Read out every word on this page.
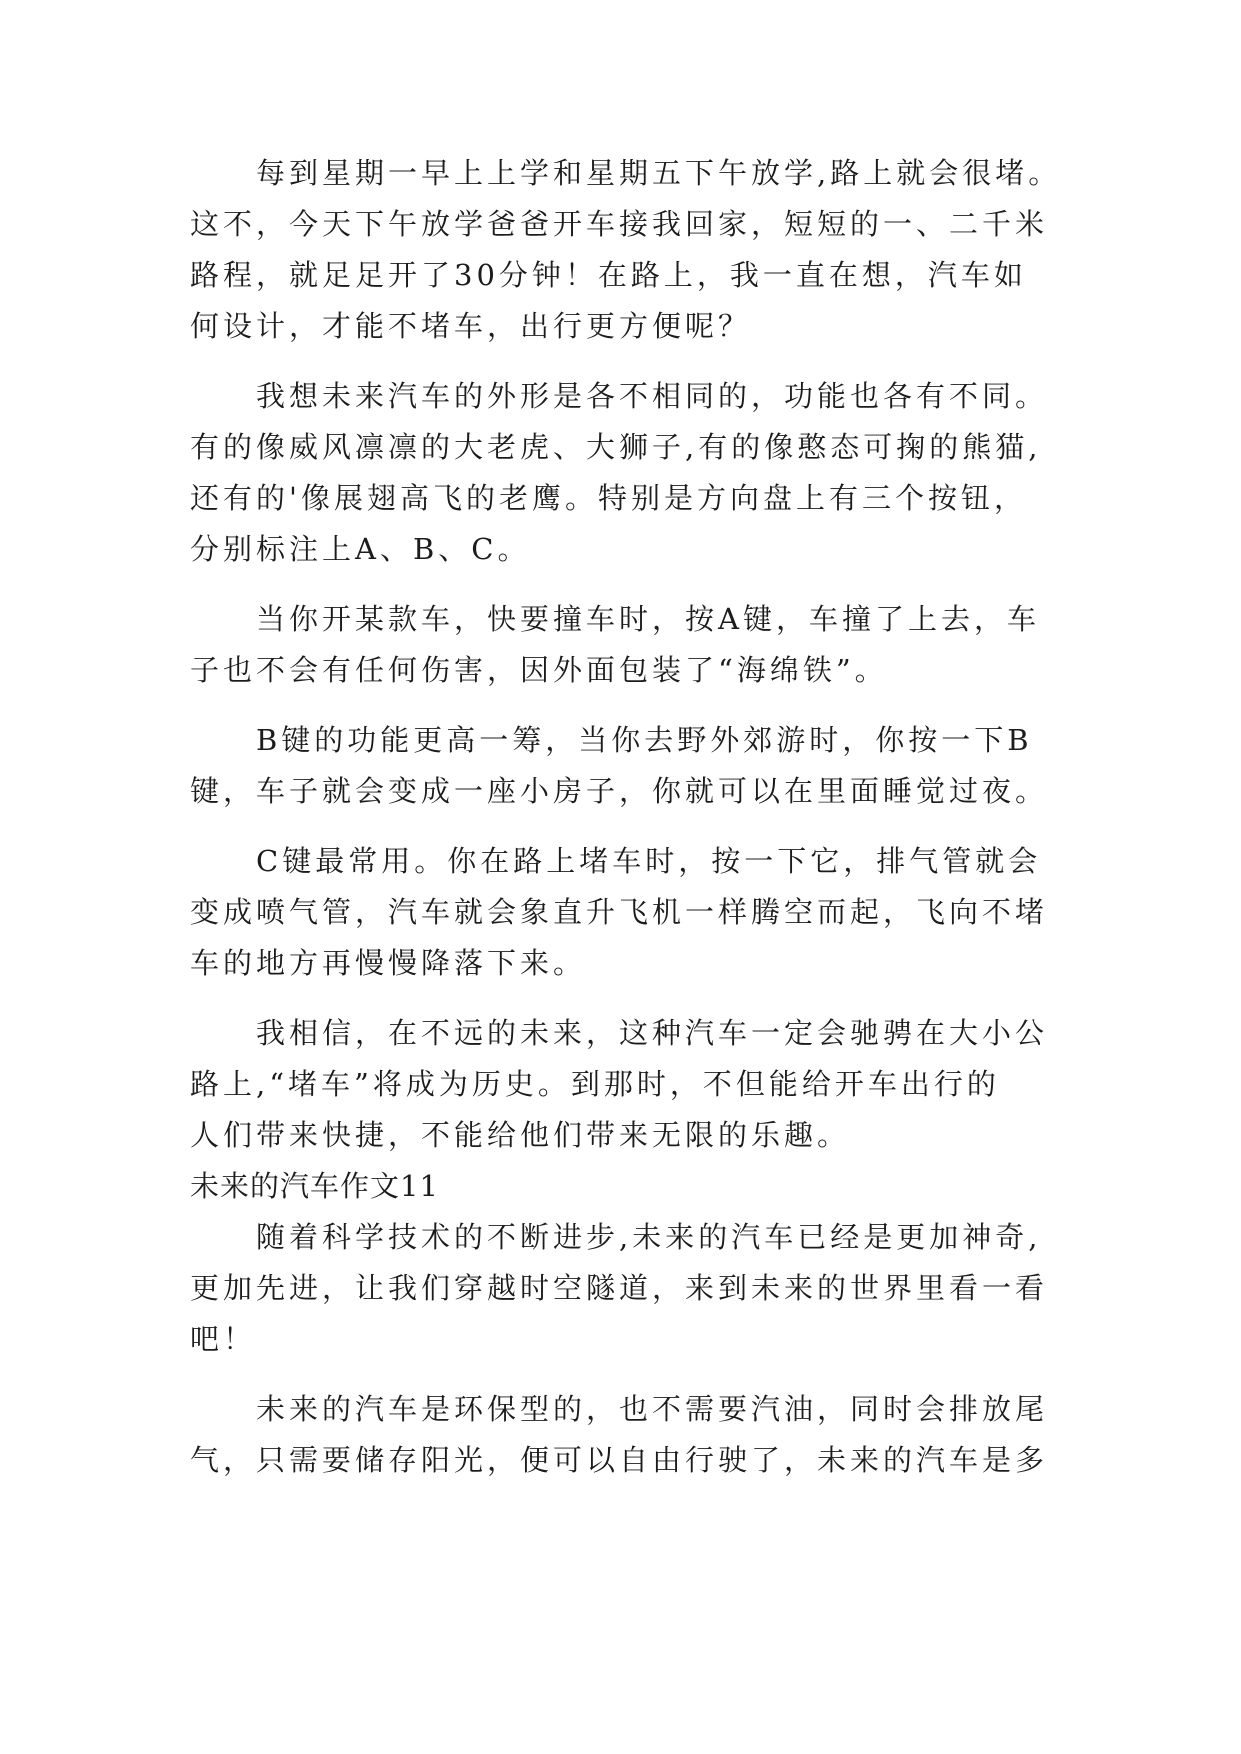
每到星期一早上上学和星期五下午放学,路上就会很堵。
这不，今天下午放学爸爸开车接我回家，短短的一、二千米
路程，就足足开了30分钟！在路上，我一直在想，汽车如
何设计，才能不堵车，出行更方便呢？
我想未来汽车的外形是各不相同的，功能也各有不同。
有的像威风凛凛的大老虎、大狮子,有的像憨态可掬的熊猫,
还有的'像展翅高飞的老鹰。特别是方向盘上有三个按钮，
分别标注上A、B、C。
当你开某款车，快要撞车时，按A键，车撞了上去，车
子也不会有任何伤害，因外面包装了“海绵铁”。
B键的功能更高一筹，当你去野外郊游时，你按一下B
键，车子就会变成一座小房子，你就可以在里面睡觉过夜。
C键最常用。你在路上堵车时，按一下它，排气管就会
变成喷气管，汽车就会象直升飞机一样腾空而起，飞向不堵
车的地方再慢慢降落下来。
我相信，在不远的未来，这种汽车一定会驰骋在大小公
路上,“堵车”将成为历史。到那时，不但能给开车出行的
人们带来快捷，不能给他们带来无限的乐趣。
未来的汽车作文11
随着科学技术的不断进步,未来的汽车已经是更加神奇,
更加先进，让我们穿越时空隧道，来到未来的世界里看一看
吧！
未来的汽车是环保型的，也不需要汽油，同时会排放尾
气，只需要储存阳光，便可以自由行驶了，未来的汽车是多
